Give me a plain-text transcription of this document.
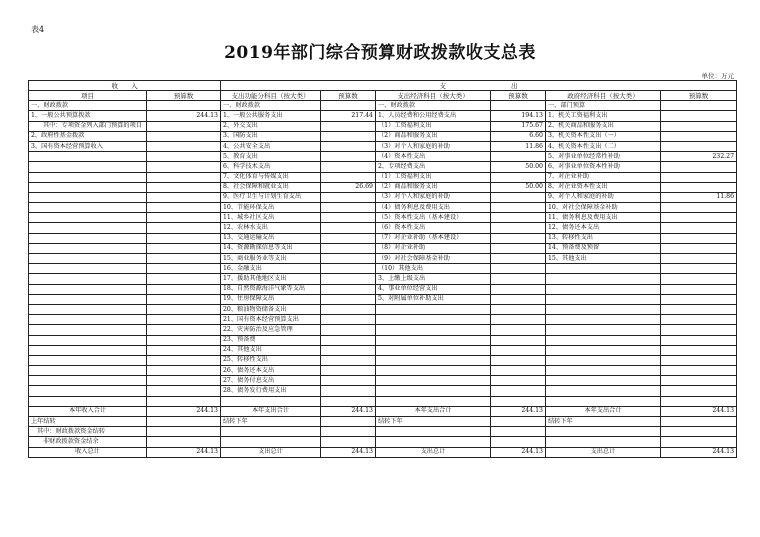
表4
2019年部门综合预算财政拨款收支总表
单位：万元
收　　入		支　　　　　　　　　　出					
项目	预算数	支出功能分科目（按大类）	预算数	支出经济科目（按大类）	预算数	政府经济科目（按大类）	预算数
一、财政拨款		一、财政拨款		一、财政拨款		一、部门预算	
1、一般公共预算拨款	244.13	1、一般公共服务支出	217.44	1、人员经费和公用经费支出	194.13	1、机关工资福利支出	
其中：专项资金列入部门预算的项目		2、外交支出		（1）工资福利支出	175.67	2、机关商品和服务支出	
2、政府性基金拨款		3、国防支出		（2）商品和服务支出	6.60	3、机关资本性支出（一）	
3、国有资本经营预算收入		4、公共安全支出		（3）对个人和家庭的补助	11.86	4、机关资本性支出（二）	
		5、教育支出		（4）资本性支出		5、对事业单位经常性补助	232.27
		6、科学技术支出		2、专项经费支出	50.00	6、对事业单位资本性补助	
		7、文化体育与传媒支出		（1）工资福利支出		7、对企业补助	
		8、社会保障和就业支出	26.69	（2）商品和服务支出	50.00	8、对企业资本性支出	
		9、医疗卫生与计划生育支出		（3）对个人和家庭的补助		9、对个人和家庭的补助	11.86
		10、节能环保支出		（4）债务利息及费用支出		10、对社会保障基金补助	
		11、城乡社区支出		（5）资本性支出（基本建设）		11、债务利息及费用支出	
		12、农林水支出		（6）资本性支出		12、债务还本支出	
		13、交通运输支出		（7）对企业补助（基本建设）		13、转移性支出	
		14、资源勘探信息等支出		（8）对企业补助		14、预备费及预留	
		15、商业服务业等支出		（9）对社会保障基金补助		15、其他支出	
		16、金融支出		（10）其他支出			
		17、援助其他地区支出		3、上缴上级支出			
		18、自然资源海洋气象等支出		4、事业单位经营支出			
		19、住房保障支出		5、对附属单位补助支出			
		20、粮油物资储备支出					
		21、国有资本经营预算支出					
		22、灾害防治及应急管理					
		23、预备费					
		24、其他支出					
		25、转移性支出					
		26、债务还本支出					
		27、债务付息支出					
		28、债务发行费用支出					

本年收入合计	244.13	本年支出合计	244.13	本年支出合计	244.13	本年支出合计	244.13
上年结转		结转下年		结转下年		结转下年	
其中：财政拨款资金结转							
非财政拨款资金结余							
收入总计	244.13	支出总计	244.13	支出总计	244.13	支出总计	244.13
